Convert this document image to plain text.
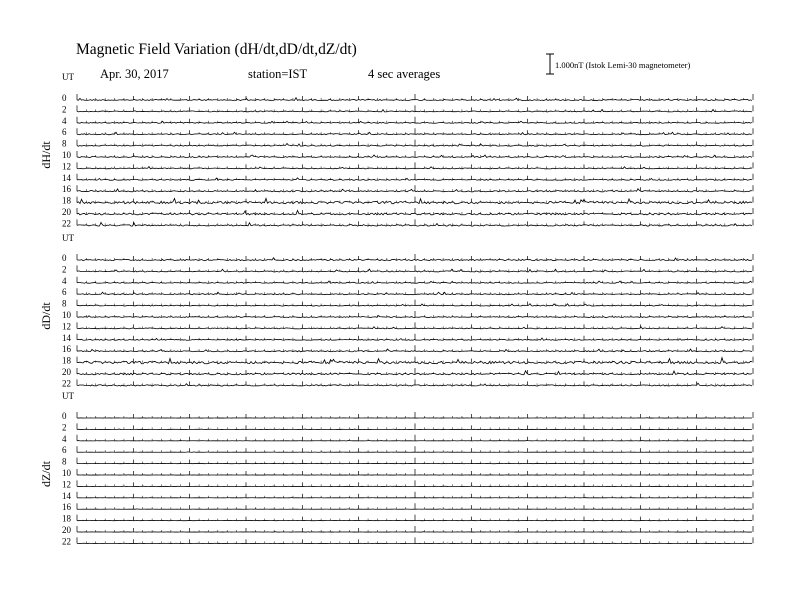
Magnetic Field Variation (dH/dt,dD/dt,dZ/dt)
Apr. 30, 2017	station=IST	4 sec averages
1.000nT (Istok Lemi-30 magnetometer)
UT
dH/dt
0
2
4
6
8
10
12
14
16
18
20
22
UT
dD/dt
0
2
4
6
8
10
12
14
16
18
20
22
UT
dZ/dt
0
2
4
6
8
10
12
14
16
18
20
22
